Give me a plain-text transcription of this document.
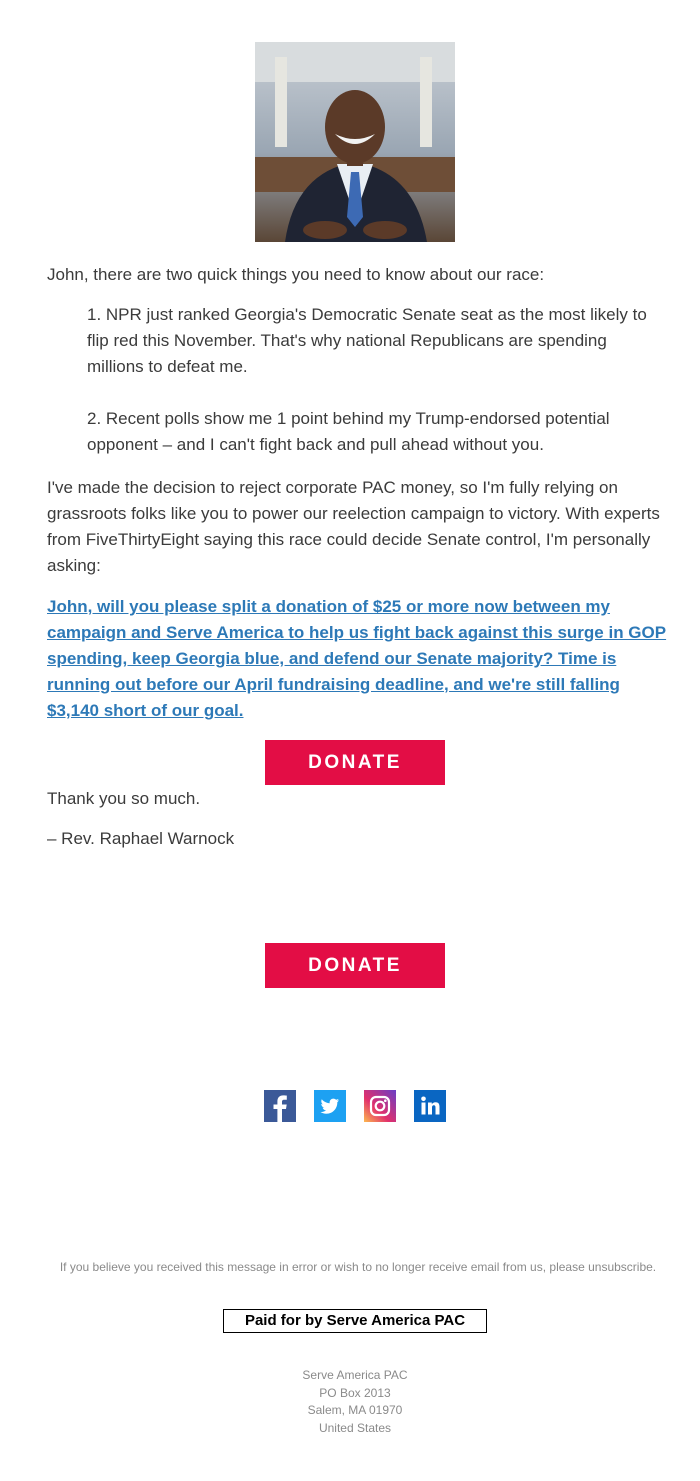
John, there are two quick things you need to know about our race:

1. NPR just ranked Georgia's Democratic Senate seat as the most likely to flip red this November. That's why national Republicans are spending millions to defeat me.

2. Recent polls show me 1 point behind my Trump-endorsed potential opponent – and I can't fight back and pull ahead without you.

I've made the decision to reject corporate PAC money, so I'm fully relying on grassroots folks like you to power our reelection campaign to victory. With experts from FiveThirtyEight saying this race could decide Senate control, I'm personally asking:
John, will you please split a donation of $25 or more now between my campaign and Serve America to help us fight back against this surge in GOP spending, keep Georgia blue, and defend our Senate majority? Time is running out before our April fundraising deadline, and we're still falling $3,140 short of our goal.
DONATE
Thank you so much.
– Rev. Raphael Warnock
DONATE
If you believe you received this message in error or wish to no longer receive email from us, please unsubscribe.
Paid for by Serve America PAC
Serve America PAC
PO Box 2013
Salem, MA 01970
United States
